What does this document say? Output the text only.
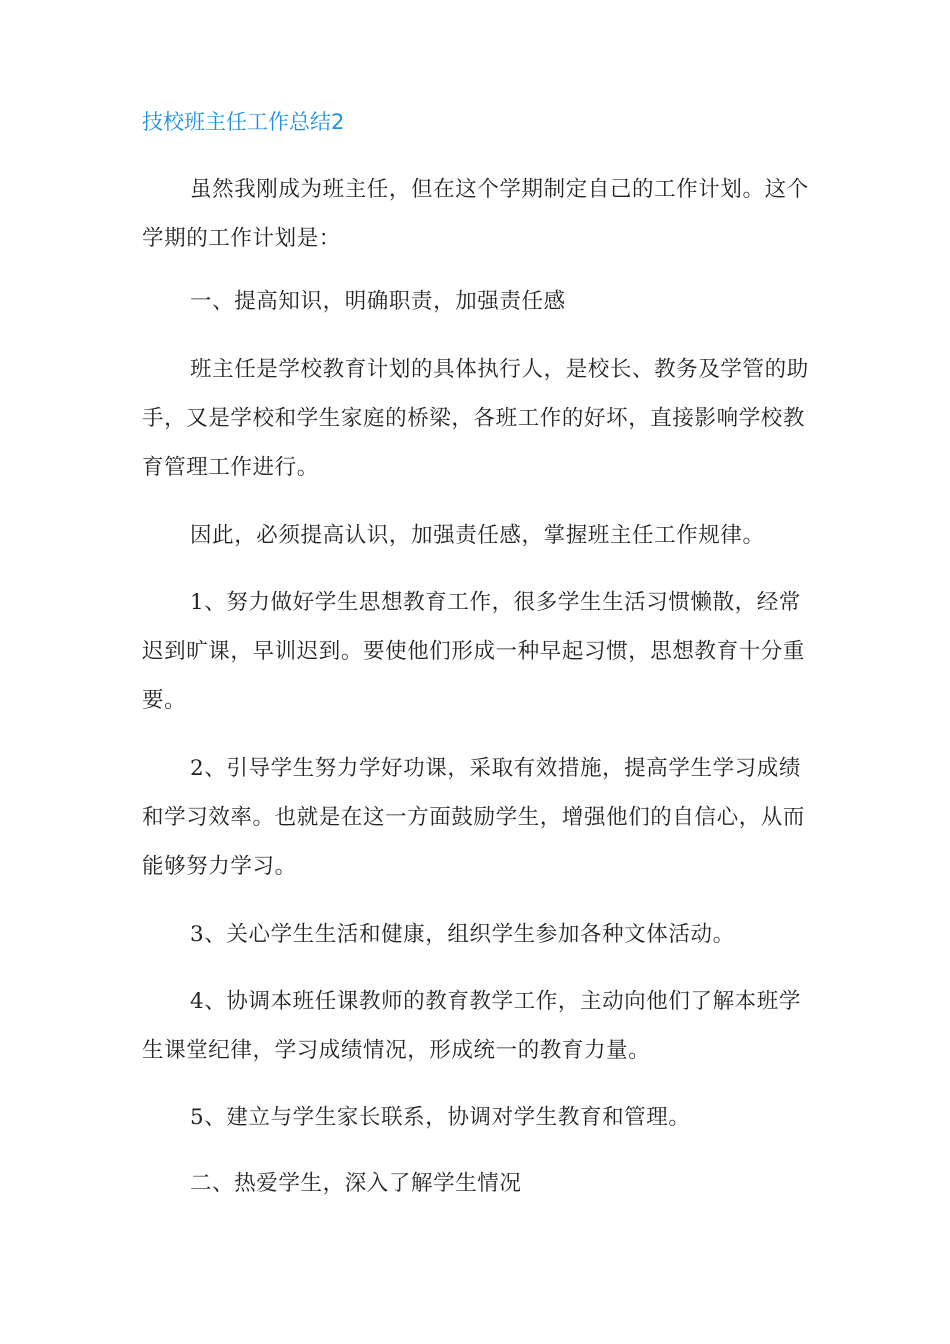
技校班主任工作总结2

虽然我刚成为班主任，但在这个学期制定自己的工作计划。这个学期的工作计划是：

一、提高知识，明确职责，加强责任感

班主任是学校教育计划的具体执行人，是校长、教务及学管的助手，又是学校和学生家庭的桥梁，各班工作的好坏，直接影响学校教育管理工作进行。

因此，必须提高认识，加强责任感，掌握班主任工作规律。

1、努力做好学生思想教育工作，很多学生生活习惯懒散，经常迟到旷课，早训迟到。要使他们形成一种早起习惯，思想教育十分重要。

2、引导学生努力学好功课，采取有效措施，提高学生学习成绩和学习效率。也就是在这一方面鼓励学生，增强他们的自信心，从而能够努力学习。

3、关心学生生活和健康，组织学生参加各种文体活动。

4、协调本班任课教师的教育教学工作，主动向他们了解本班学生课堂纪律，学习成绩情况，形成统一的教育力量。

5、建立与学生家长联系，协调对学生教育和管理。

二、热爱学生，深入了解学生情况
